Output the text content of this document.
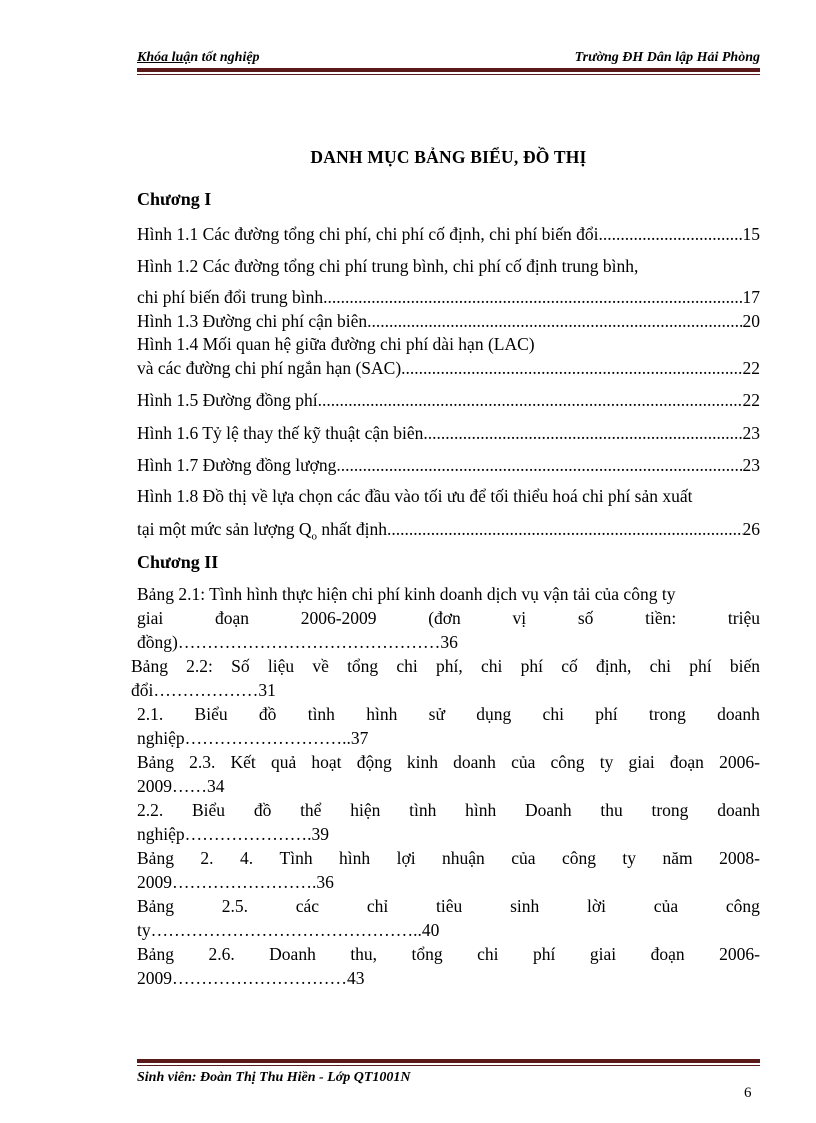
Khóa luận tốt nghiệp	Trường ĐH Dân lập Hải Phòng
DANH MỤC BẢNG BIỂU, ĐỒ THỊ
Chương I
Hình 1.1 Các đường tổng chi phí, chi phí cố định, chi phí biến đổi .....	15
Hình 1.2 Các đường tổng chi phí trung bình, chi phí cố định trung bình,
chi phí biến đổi trung bình .....	17
Hình 1.3 Đường chi phí cận biên .....	20
Hình 1.4 Mối quan hệ giữa đường chi phí dài hạn (LAC)
và các đường chi phí ngắn hạn (SAC). .....	22
Hình 1.5 Đường đồng phí. .....	22
Hình 1.6 Tỷ lệ thay thế kỹ thuật cận biên. .....	23
Hình 1.7 Đường đồng lượng. .....	23
Hình 1.8 Đồ thị về lựa chọn các đầu vào tối ưu để tối thiểu hoá chi phí sản xuất
tại một mức sản lượng $Q_o$ nhất định. .....	26
Chương II
Bảng 2.1: Tình hình thực hiện chi phí kinh doanh dịch vụ vận tải của công ty
giai	đoạn	2006-2009	(đơn	vị	số	tiền:	triệu
đồng)………………………………………36
Bảng 2.2: Số liệu về tổng chi phí, chi phí cố định, chi phí biến
đổi………………31
2.1. Biểu đồ tình hình sử dụng chi phí trong doanh
nghiệp………………………..37
Bảng 2.3. Kết quả hoạt động kinh doanh của công ty giai đoạn 2006-
2009……34
2.2. Biểu đồ thể hiện tình hình Doanh thu trong doanh
nghiệp………………….39
Bảng 2. 4. Tình hình lợi nhuận của công ty năm 2008-
2009…………………….36
Bảng	2.5.	các	chỉ	tiêu	sinh	lời	của	công
ty………………………………………..40
Bảng 2.6. Doanh thu, tổng chi phí giai đoạn 2006-
2009…………………………43
Sinh viên: Đoàn Thị Thu Hiền - Lớp QT1001N
6
